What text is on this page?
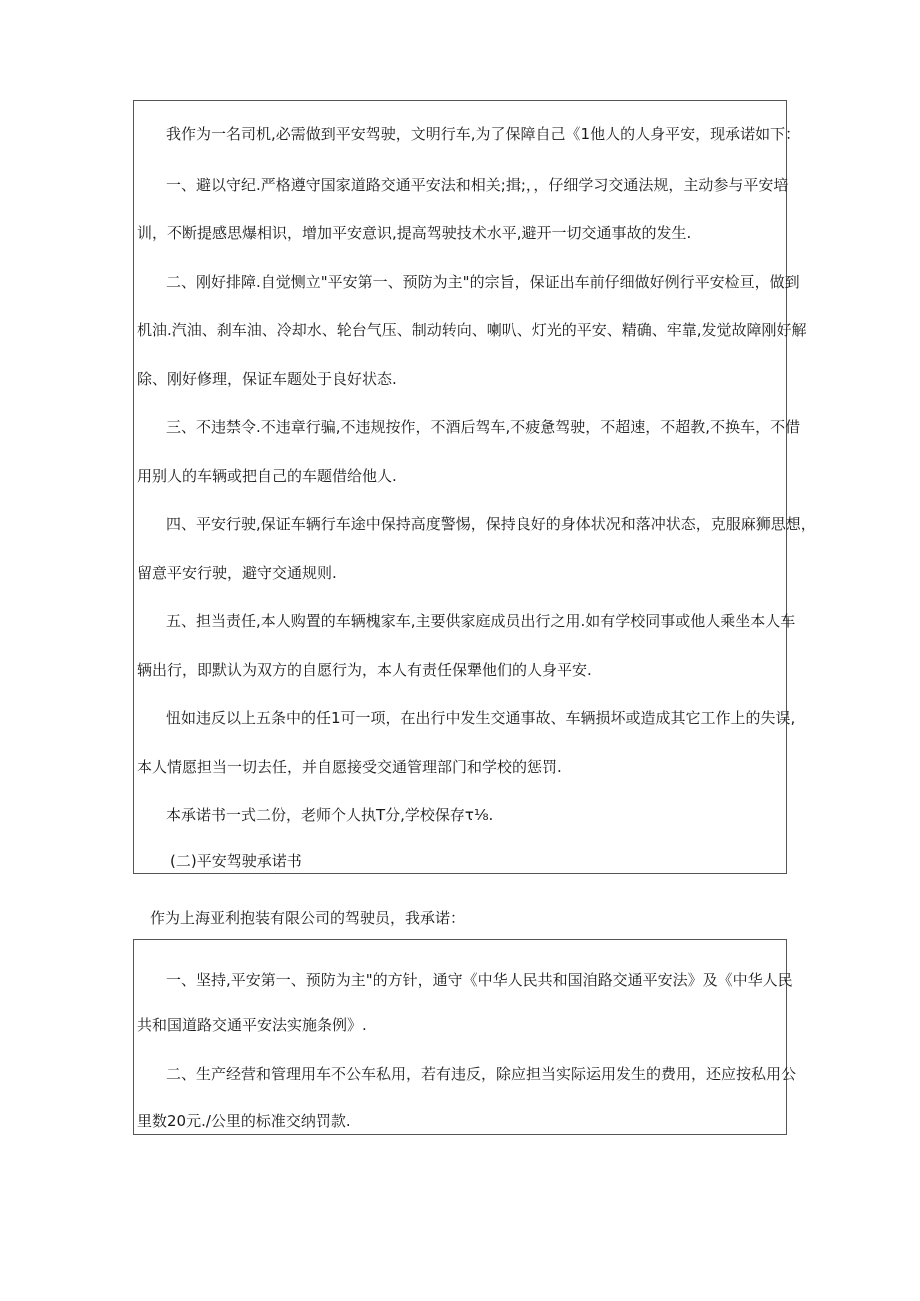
我作为一名司机,必需做到平安驾驶，文明行车,为了保障自己《1他人的人身平安，现承诺如下：
一、避以守纪.严格遵守国家道路交通平安法和相关;揖;，，仔细学习交通法规，主动参与平安培
训，不断提感思爆相识，增加平安意识,提高驾驶技术水平,避开一切交通事故的发生.
二、刚好排障.自觉恻立"平安第一、预防为主"的宗旨，保证出车前仔细做好例行平安检亘，做到
机油.汽油、刹车油、冷却水、轮台气压、制动转向、喇叭、灯光的平安、精确、牢靠,发觉故障刚好解
除、刚好修理，保证车题处于良好状态.
三、不违禁令.不违章行骗,不违规按作，不酒后驾车,不疲惫驾驶，不超速，不超教,不换车，不借
用别人的车辆或把自己的车题借给他人.
四、平安行驶,保证车辆行车途中保持高度警惕，保持良好的身体状况和落冲状态，克服麻狮思想，
留意平安行驶，避守交通规则.
五、担当责任,本人购置的车辆槐家车,主要供家庭成员出行之用.如有学校同事或他人乘坐本人车
辆出行，即默认为双方的自愿行为，本人有责任保犟他们的人身平安.
忸如违反以上五条中的任1可一项，在出行中发生交通事故、车辆损坏或造成其它工作上的失误,
本人情愿担当一切去任，并自愿接受交通管理部门和学校的惩罚.
本承诺书一式二份，老师个人执T分,学校保存τ⅛.
(二)平安驾驶承诺书
作为上海亚利抱装有限公司的驾驶员，我承诺：
一、坚持,平安第一、预防为主"的方针，通守《中华人民共和国洎路交通平安法》及《中华人民
共和国道路交通平安法实施条例》.
二、生产经营和管理用车不公车私用，若有违反，除应担当实际运用发生的费用，还应按私用公
里数20元./公里的标准交纳罚款.
